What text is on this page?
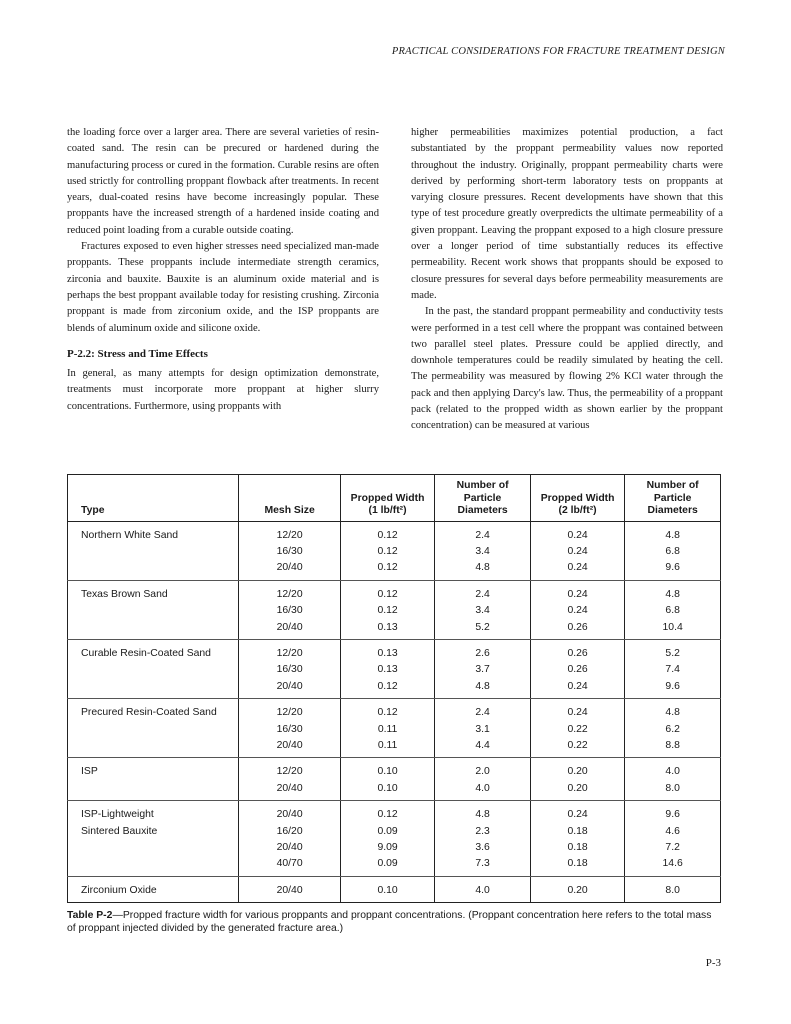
PRACTICAL CONSIDERATIONS FOR FRACTURE TREATMENT DESIGN

the loading force over a larger area. There are several varieties of resin-coated sand. The resin can be precured or hardened during the manufacturing process or cured in the formation. Curable resins are often used strictly for controlling proppant flowback after treatments. In recent years, dual-coated resins have become increasingly popular. These proppants have the increased strength of a hardened inside coating and reduced point loading from a curable outside coating.

Fractures exposed to even higher stresses need specialized man-made proppants. These proppants include intermediate strength ceramics, zirconia and bauxite. Bauxite is an aluminum oxide material and is perhaps the best proppant available today for resisting crushing. Zirconia proppant is made from zirconium oxide, and the ISP proppants are blends of aluminum oxide and silicone oxide.

P-2.2: Stress and Time Effects

In general, as many attempts for design optimization demonstrate, treatments must incorporate more proppant at higher slurry concentrations. Furthermore, using proppants with

higher permeabilities maximizes potential production, a fact substantiated by the proppant permeability values now reported throughout the industry. Originally, proppant permeability charts were derived by performing short-term laboratory tests on proppants at varying closure pressures. Recent developments have shown that this type of test procedure greatly overpredicts the ultimate permeability of a given proppant. Leaving the proppant exposed to a high closure pressure over a longer period of time substantially reduces its effective permeability. Recent work shows that proppants should be exposed to closure pressures for several days before permeability measurements are made.

In the past, the standard proppant permeability and conductivity tests were performed in a test cell where the proppant was contained between two parallel steel plates. Pressure could be applied directly, and downhole temperatures could be readily simulated by heating the cell. The permeability was measured by flowing 2% KCl water through the pack and then applying Darcy's law. Thus, the permeability of a proppant pack (related to the propped width as shown earlier by the proppant concentration) can be measured at various

Type	Mesh Size	Propped Width (1 lb/ft²)	Number of Particle Diameters	Propped Width (2 lb/ft²)	Number of Particle Diameters
Northern White Sand	12/20	0.12	2.4	0.24	4.8
	16/30	0.12	3.4	0.24	6.8
	20/40	0.12	4.8	0.24	9.6
Texas Brown Sand	12/20	0.12	2.4	0.24	4.8
	16/30	0.12	3.4	0.24	6.8
	20/40	0.13	5.2	0.26	10.4
Curable Resin-Coated Sand	12/20	0.13	2.6	0.26	5.2
	16/30	0.13	3.7	0.26	7.4
	20/40	0.12	4.8	0.24	9.6
Precured Resin-Coated Sand	12/20	0.12	2.4	0.24	4.8
	16/30	0.11	3.1	0.22	6.2
	20/40	0.11	4.4	0.22	8.8
ISP	12/20	0.10	2.0	0.20	4.0
	20/40	0.10	4.0	0.20	8.0
ISP-Lightweight	20/40	0.12	4.8	0.24	9.6
Sintered Bauxite	16/20	0.09	2.3	0.18	4.6
	20/40	9.09	3.6	0.18	7.2
	40/70	0.09	7.3	0.18	14.6
Zirconium Oxide	20/40	0.10	4.0	0.20	8.0
Table P-2—Propped fracture width for various proppants and proppant concentrations. (Proppant concentration here refers to the total mass of proppant injected divided by the generated fracture area.)
P-3
